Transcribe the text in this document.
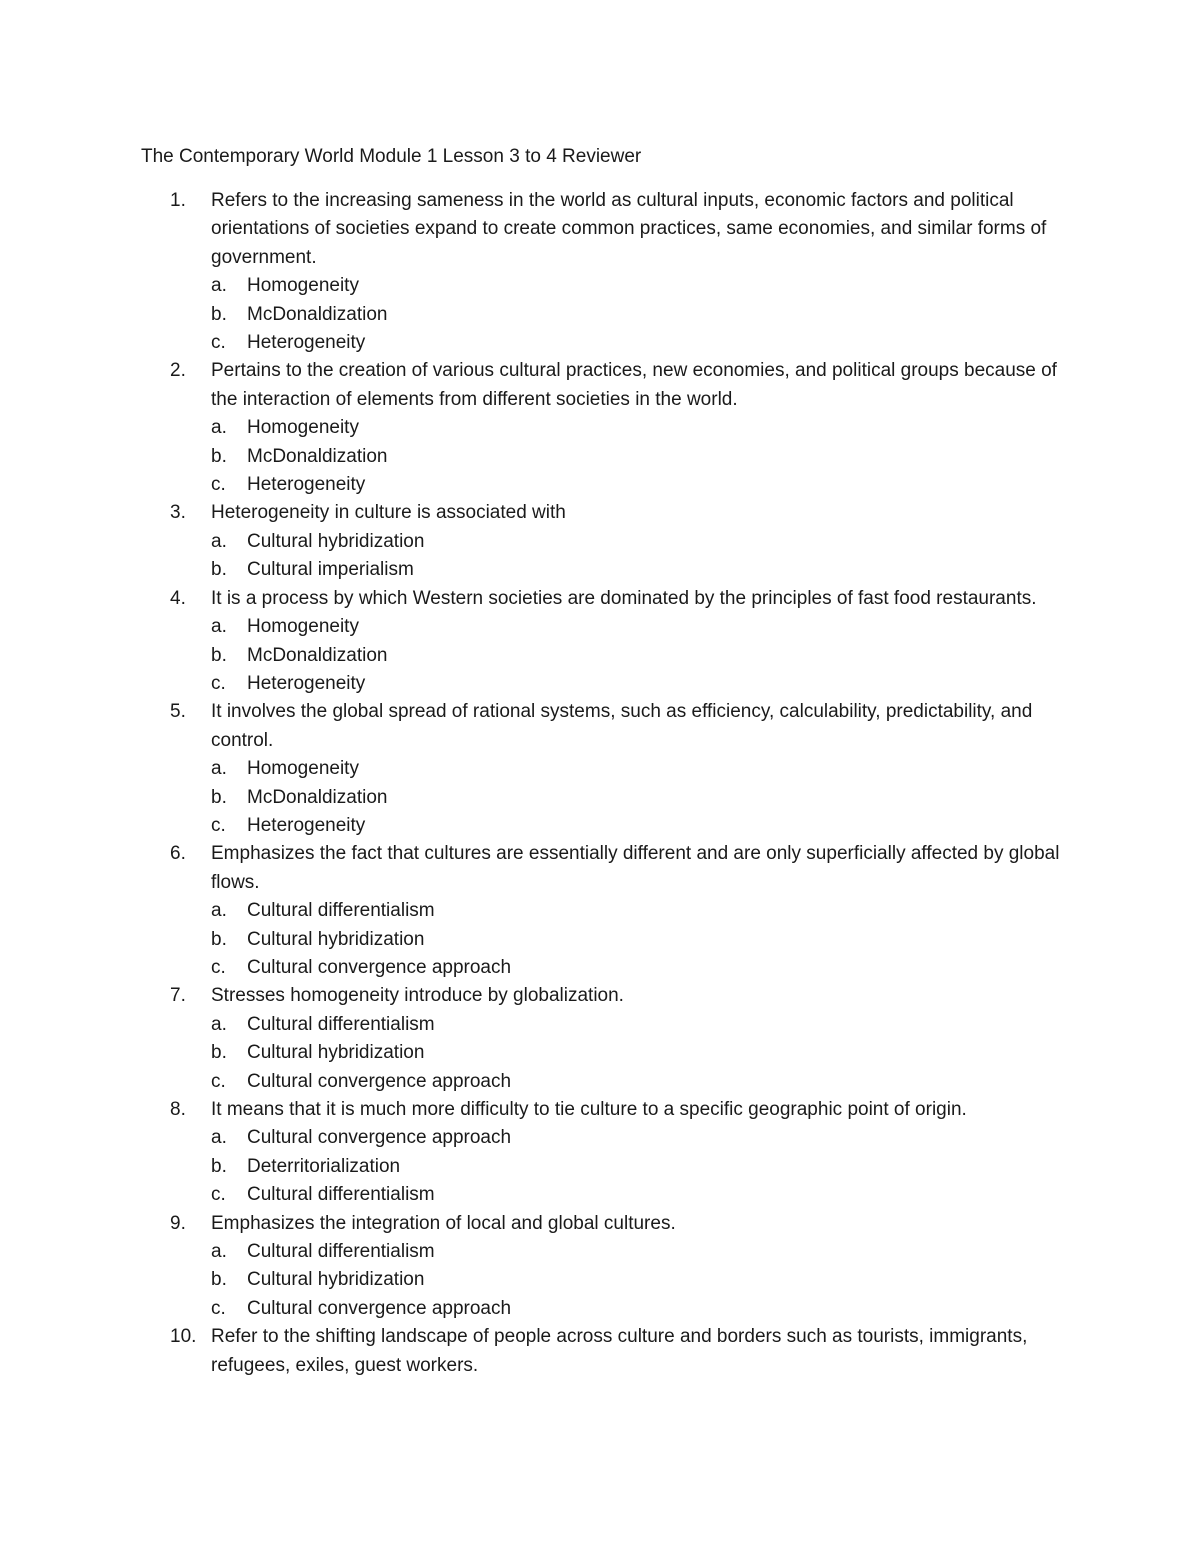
The Contemporary World Module 1 Lesson 3 to 4 Reviewer
1.	Refers to the increasing sameness in the world as cultural inputs, economic factors and political orientations of societies expand to create common practices, same economies, and similar forms of government.
a.	Homogeneity
b.	McDonaldization
c.	Heterogeneity
2.	Pertains to the creation of various cultural practices, new economies, and political groups because of the interaction of elements from different societies in the world.
a.	Homogeneity
b.	McDonaldization
c.	Heterogeneity
3.	Heterogeneity in culture is associated with
a.	Cultural hybridization
b.	Cultural imperialism
4.	It is a process by which Western societies are dominated by the principles of fast food restaurants.
a.	Homogeneity
b.	McDonaldization
c.	Heterogeneity
5.	It involves the global spread of rational systems, such as efficiency, calculability, predictability, and control.
a.	Homogeneity
b.	McDonaldization
c.	Heterogeneity
6.	Emphasizes the fact that cultures are essentially different and are only superficially affected by global flows.
a.	Cultural differentialism
b.	Cultural hybridization
c.	Cultural convergence approach
7.	Stresses homogeneity introduce by globalization.
a.	Cultural differentialism
b.	Cultural hybridization
c.	Cultural convergence approach
8.	It means that it is much more difficulty to tie culture to a specific geographic point of origin.
a.	Cultural convergence approach
b.	Deterritorialization
c.	Cultural differentialism
9.	Emphasizes the integration of local and global cultures.
a.	Cultural differentialism
b.	Cultural hybridization
c.	Cultural convergence approach
10. Refer to the shifting landscape of people across culture and borders such as tourists, immigrants, refugees, exiles, guest workers.
